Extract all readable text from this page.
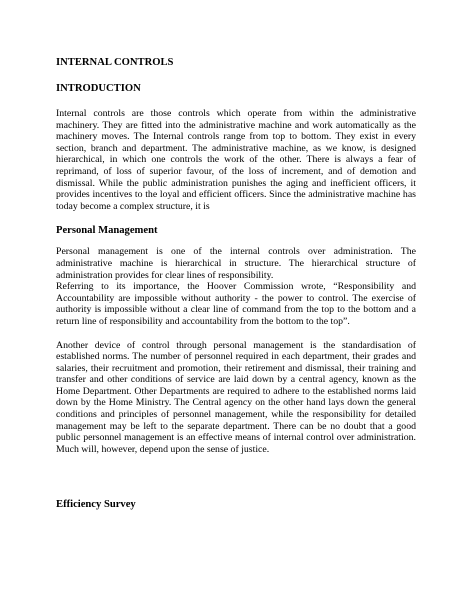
INTERNAL CONTROLS

INTRODUCTION

Internal controls are those controls which operate from within the administrative machinery. They are fitted into the administrative machine and work automatically as the machinery moves. The Internal controls range from top to bottom. They exist in every section, branch and department. The administrative machine, as we know, is designed hierarchical, in which one controls the work of the other. There is always a fear of reprimand, of loss of superior favour, of the loss of increment, and of demotion and dismissal. While the public administration punishes the aging and inefficient officers, it provides incentives to the loyal and efficient officers. Since the administrative machine has today become a complex structure, it is

Personal Management

Personal management is one of the internal controls over administration. The administrative machine is hierarchical in structure. The hierarchical structure of administration provides for clear lines of responsibility.

Referring to its importance, the Hoover Commission wrote, “Responsibility and Accountability are impossible without authority - the power to control. The exercise of authority is impossible without a clear line of command from the top to the bottom and a return line of responsibility and accountability from the bottom to the top”.

Another device of control through personal management is the standardisation of established norms. The number of personnel required in each department, their grades and salaries, their recruitment and promotion, their retirement and dismissal, their training and transfer and other conditions of service are laid down by a central agency, known as the Home Department. Other Departments are required to adhere to the established norms laid down by the Home Ministry. The Central agency on the other hand lays down the general conditions and principles of personnel management, while the responsibility for detailed management may be left to the separate department. There can be no doubt that a good public personnel management is an effective means of internal control over administration. Much will, however, depend upon the sense of justice.

Efficiency Survey
